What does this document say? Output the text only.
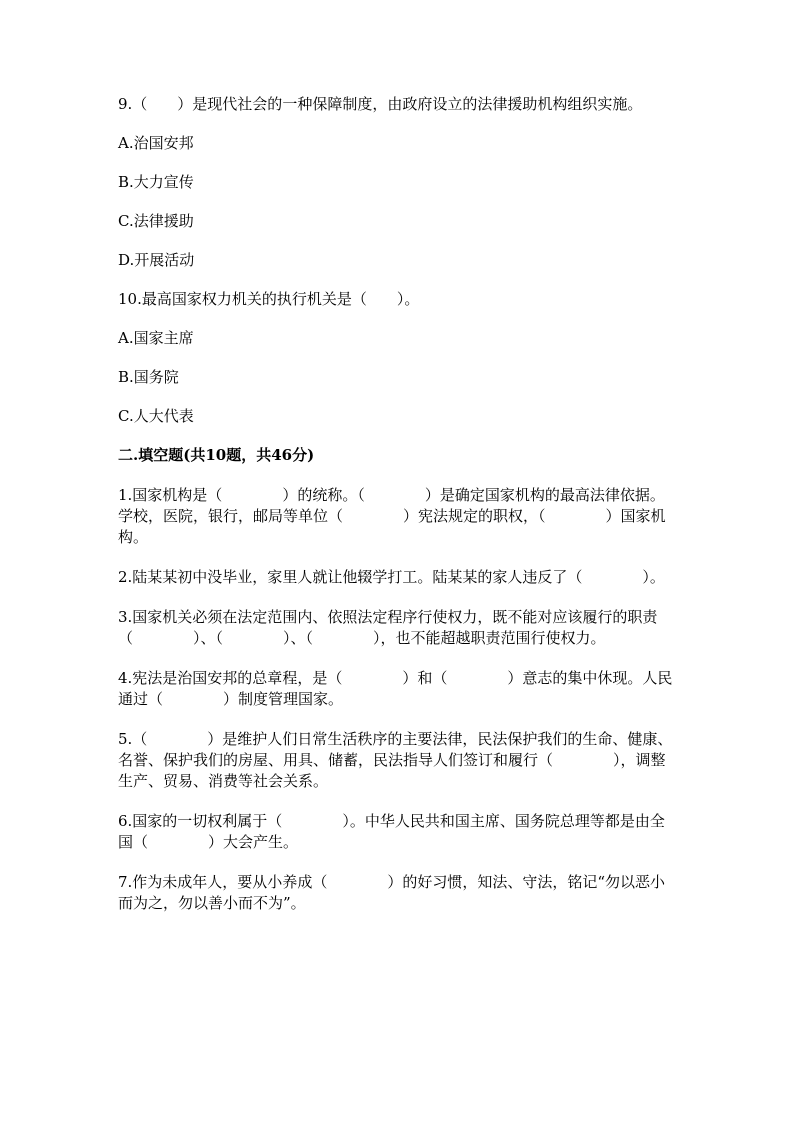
9.（　　）是现代社会的一种保障制度，由政府设立的法律援助机构组织实施。

A.治国安邦

B.大力宣传

C.法律援助

D.开展活动

10.最高国家权力机关的执行机关是（　　）。

A.国家主席

B.国务院

C.人大代表

二.填空题(共10题，共46分)

1.国家机构是（　　　　）的统称。（　　　　）是确定国家机构的最高法律依据。学校，医院，银行，邮局等单位（　　　　）宪法规定的职权，（　　　　）国家机构。

2.陆某某初中没毕业，家里人就让他辍学打工。陆某某的家人违反了（　　　　）。

3.国家机关必须在法定范围内、依照法定程序行使权力，既不能对应该履行的职责（　　　　）、（　　　　）、（　　　　），也不能超越职责范围行使权力。

4.宪法是治国安邦的总章程，是（　　　　）和（　　　　）意志的集中休现。人民通过（　　　　）制度管理国家。

5.（　　　　）是维护人们日常生活秩序的主要法律，民法保护我们的生命、健康、名誉、保护我们的房屋、用具、储蓄，民法指导人们签订和履行（　　　　），调整生产、贸易、消费等社会关系。

6.国家的一切权利属于（　　　　）。中华人民共和国主席、国务院总理等都是由全国（　　　　）大会产生。

7.作为未成年人，要从小养成（　　　　）的好习惯，知法、守法，铭记“勿以恶小而为之，勿以善小而不为”。
